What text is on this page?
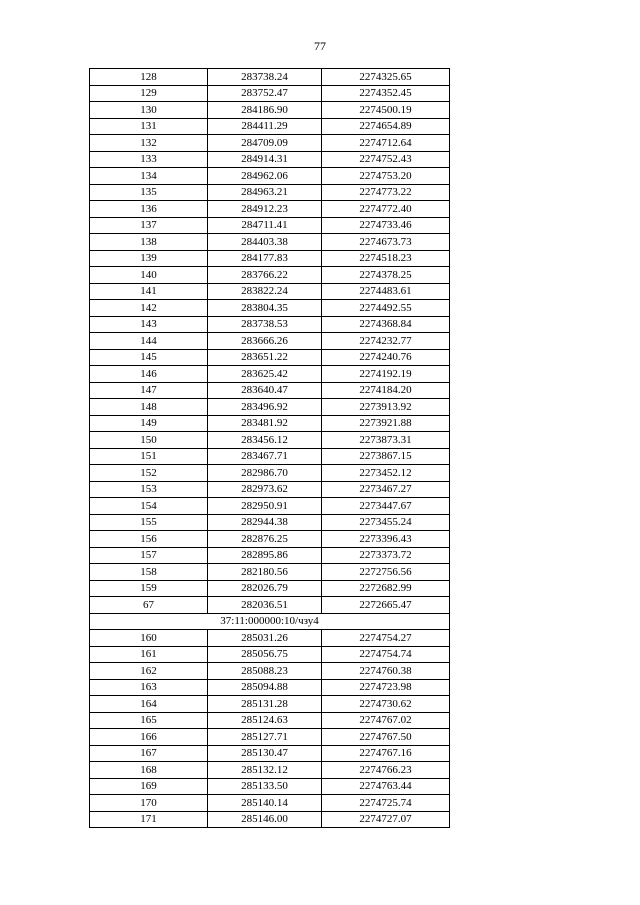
77
128	283738.24	2274325.65
129	283752.47	2274352.45
130	284186.90	2274500.19
131	284411.29	2274654.89
132	284709.09	2274712.64
133	284914.31	2274752.43
134	284962.06	2274753.20
135	284963.21	2274773.22
136	284912.23	2274772.40
137	284711.41	2274733.46
138	284403.38	2274673.73
139	284177.83	2274518.23
140	283766.22	2274378.25
141	283822.24	2274483.61
142	283804.35	2274492.55
143	283738.53	2274368.84
144	283666.26	2274232.77
145	283651.22	2274240.76
146	283625.42	2274192.19
147	283640.47	2274184.20
148	283496.92	2273913.92
149	283481.92	2273921.88
150	283456.12	2273873.31
151	283467.71	2273867.15
152	282986.70	2273452.12
153	282973.62	2273467.27
154	282950.91	2273447.67
155	282944.38	2273455.24
156	282876.25	2273396.43
157	282895.86	2273373.72
158	282180.56	2272756.56
159	282026.79	2272682.99
67	282036.51	2272665.47
37:11:000000:10/чзу4		
160	285031.26	2274754.27
161	285056.75	2274754.74
162	285088.23	2274760.38
163	285094.88	2274723.98
164	285131.28	2274730.62
165	285124.63	2274767.02
166	285127.71	2274767.50
167	285130.47	2274767.16
168	285132.12	2274766.23
169	285133.50	2274763.44
170	285140.14	2274725.74
171	285146.00	2274727.07
